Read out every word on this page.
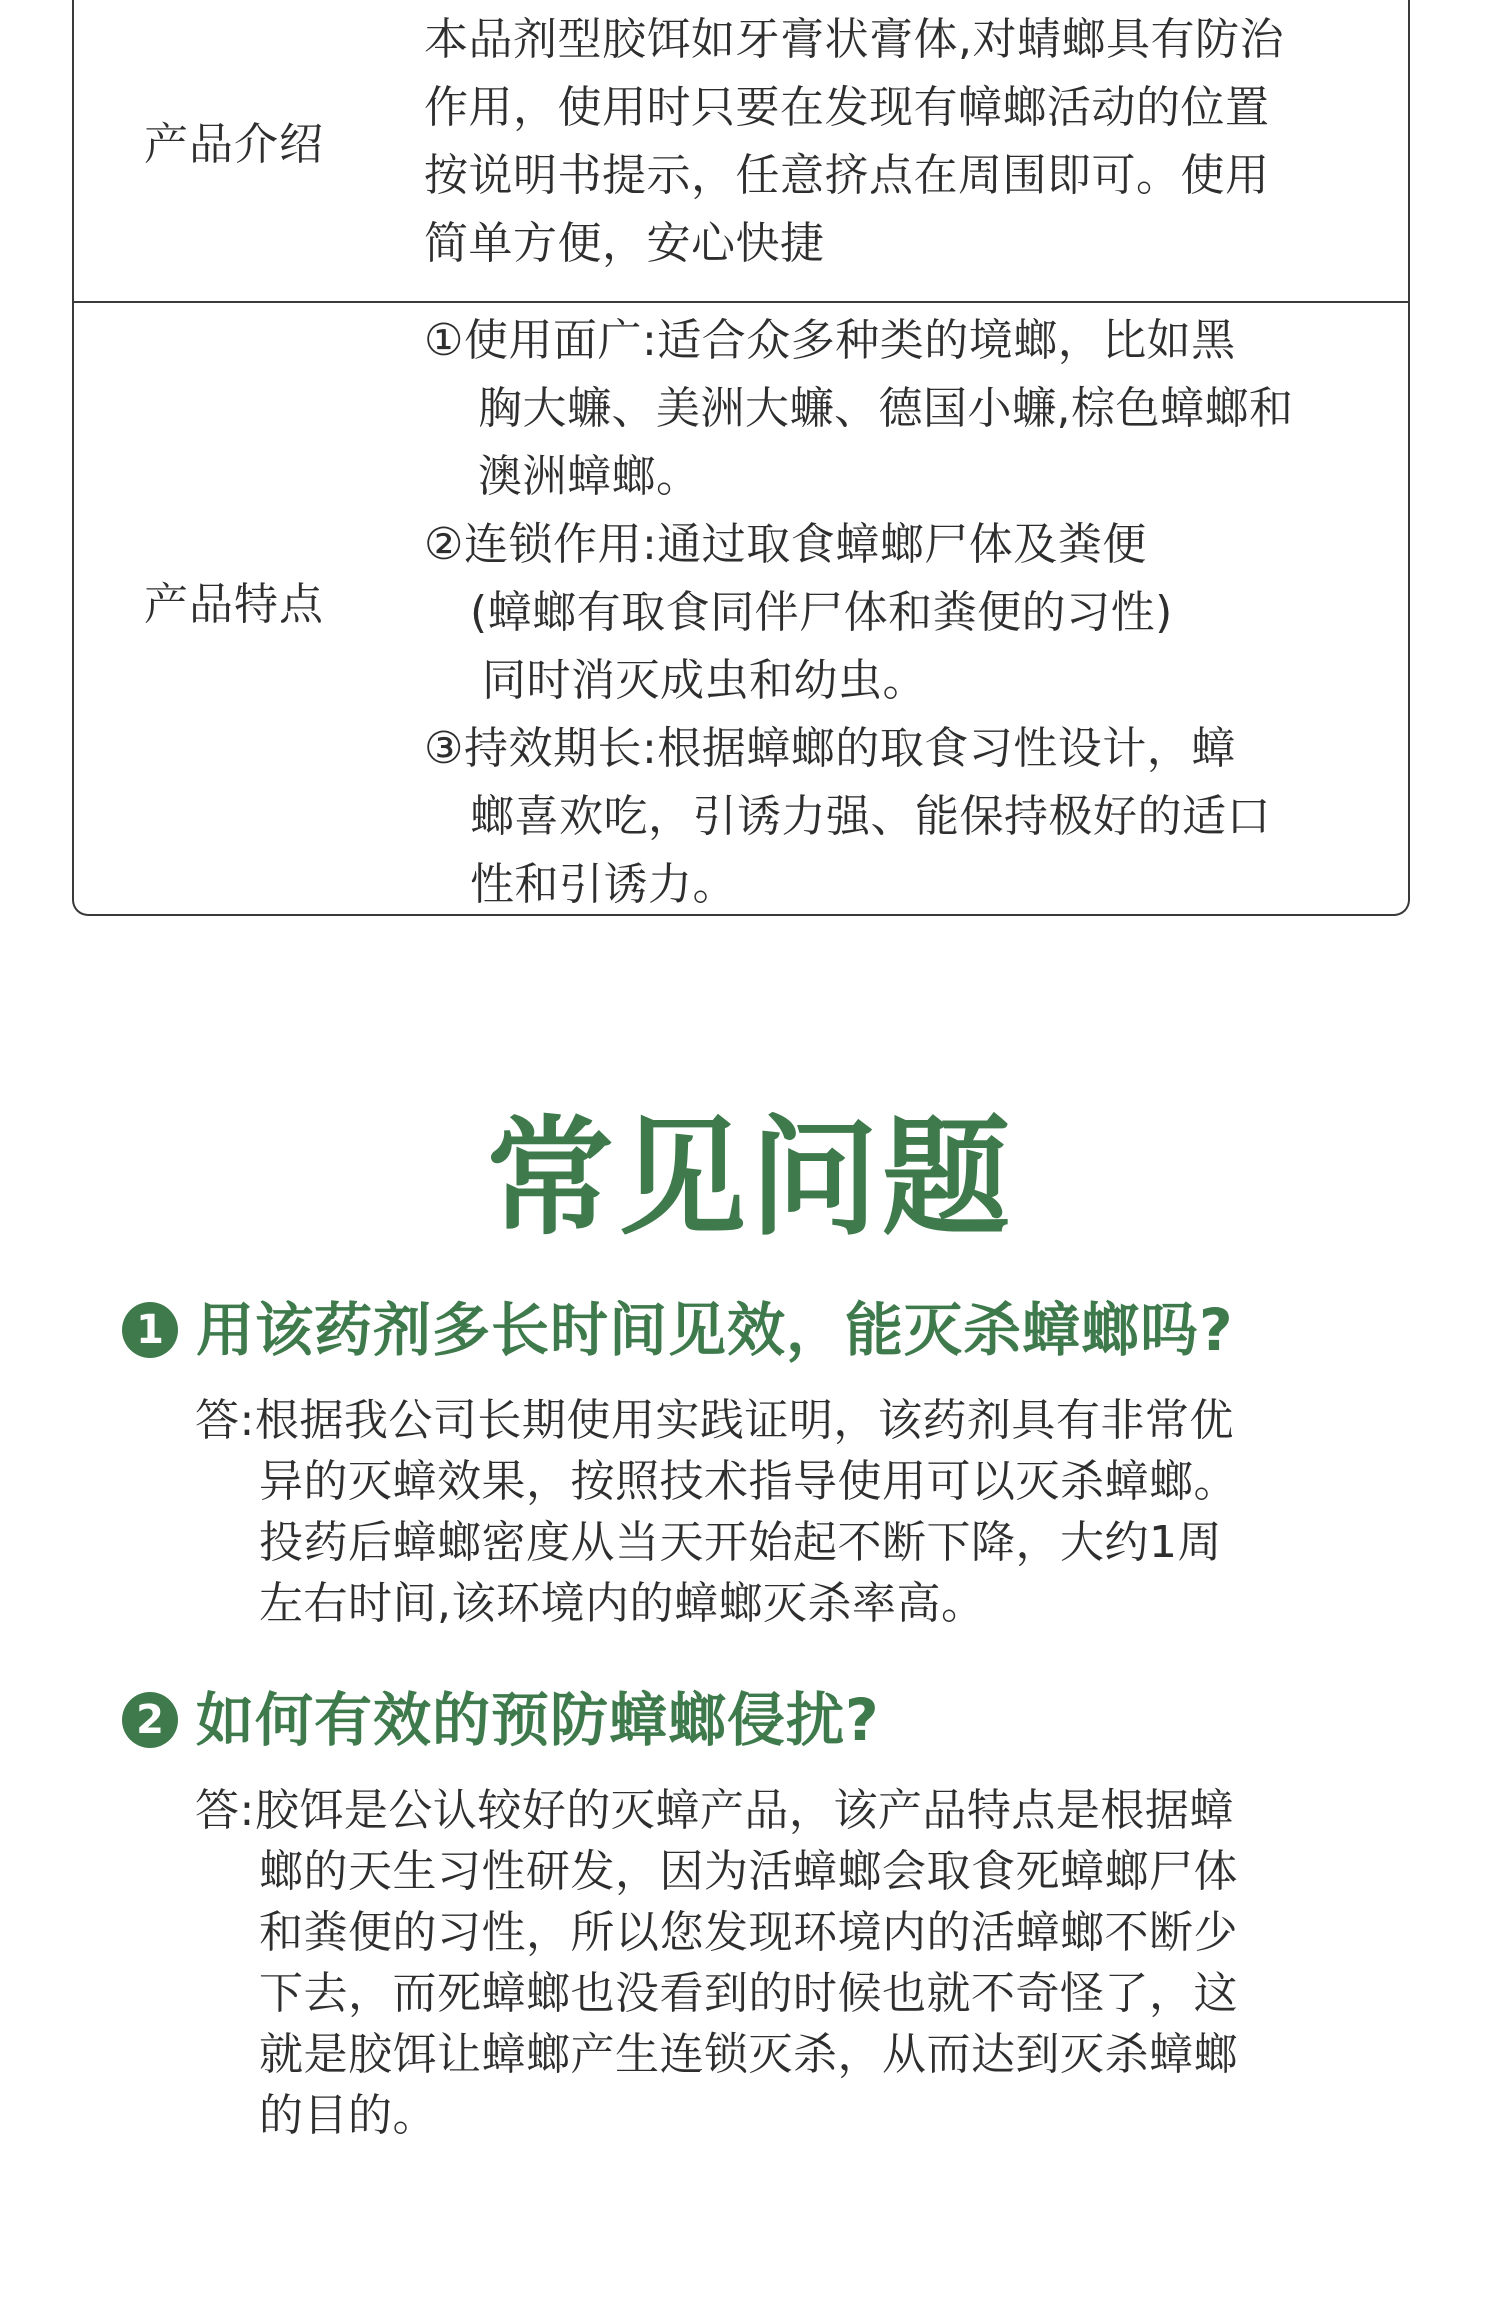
产品介绍
本品剂型胶饵如牙膏状膏体,对蜻螂具有防治
作用，使用时只要在发现有幛螂活动的位置
按说明书提示，任意挤点在周围即可。使用
简单方便，安心快捷
产品特点
①使用面广:适合众多种类的境螂，比如黑
胸大蠊、美洲大蠊、德国小蠊,棕色蟑螂和
澳洲蟑螂。
②连锁作用:通过取食蟑螂尸体及粪便
(蟑螂有取食同伴尸体和粪便的习性)
同时消灭成虫和幼虫。
③持效期长:根据蟑螂的取食习性设计，蟑
螂喜欢吃，引诱力强、能保持极好的适口
性和引诱力。
常见问题
1 用该药剂多长时间见效，能灭杀蟑螂吗?
答:根据我公司长期使用实践证明，该药剂具有非常优
异的灭蟑效果，按照技术指导使用可以灭杀蟑螂。
投药后蟑螂密度从当天开始起不断下降，大约1周
左右时间,该环境内的蟑螂灭杀率高。
2 如何有效的预防蟑螂侵扰?
答:胶饵是公认较好的灭蟑产品，该产品特点是根据蟑
螂的天生习性研发，因为活蟑螂会取食死蟑螂尸体
和粪便的习性，所以您发现环境内的活蟑螂不断少
下去，而死蟑螂也没看到的时候也就不奇怪了，这
就是胶饵让蟑螂产生连锁灭杀，从而达到灭杀蟑螂
的目的。
